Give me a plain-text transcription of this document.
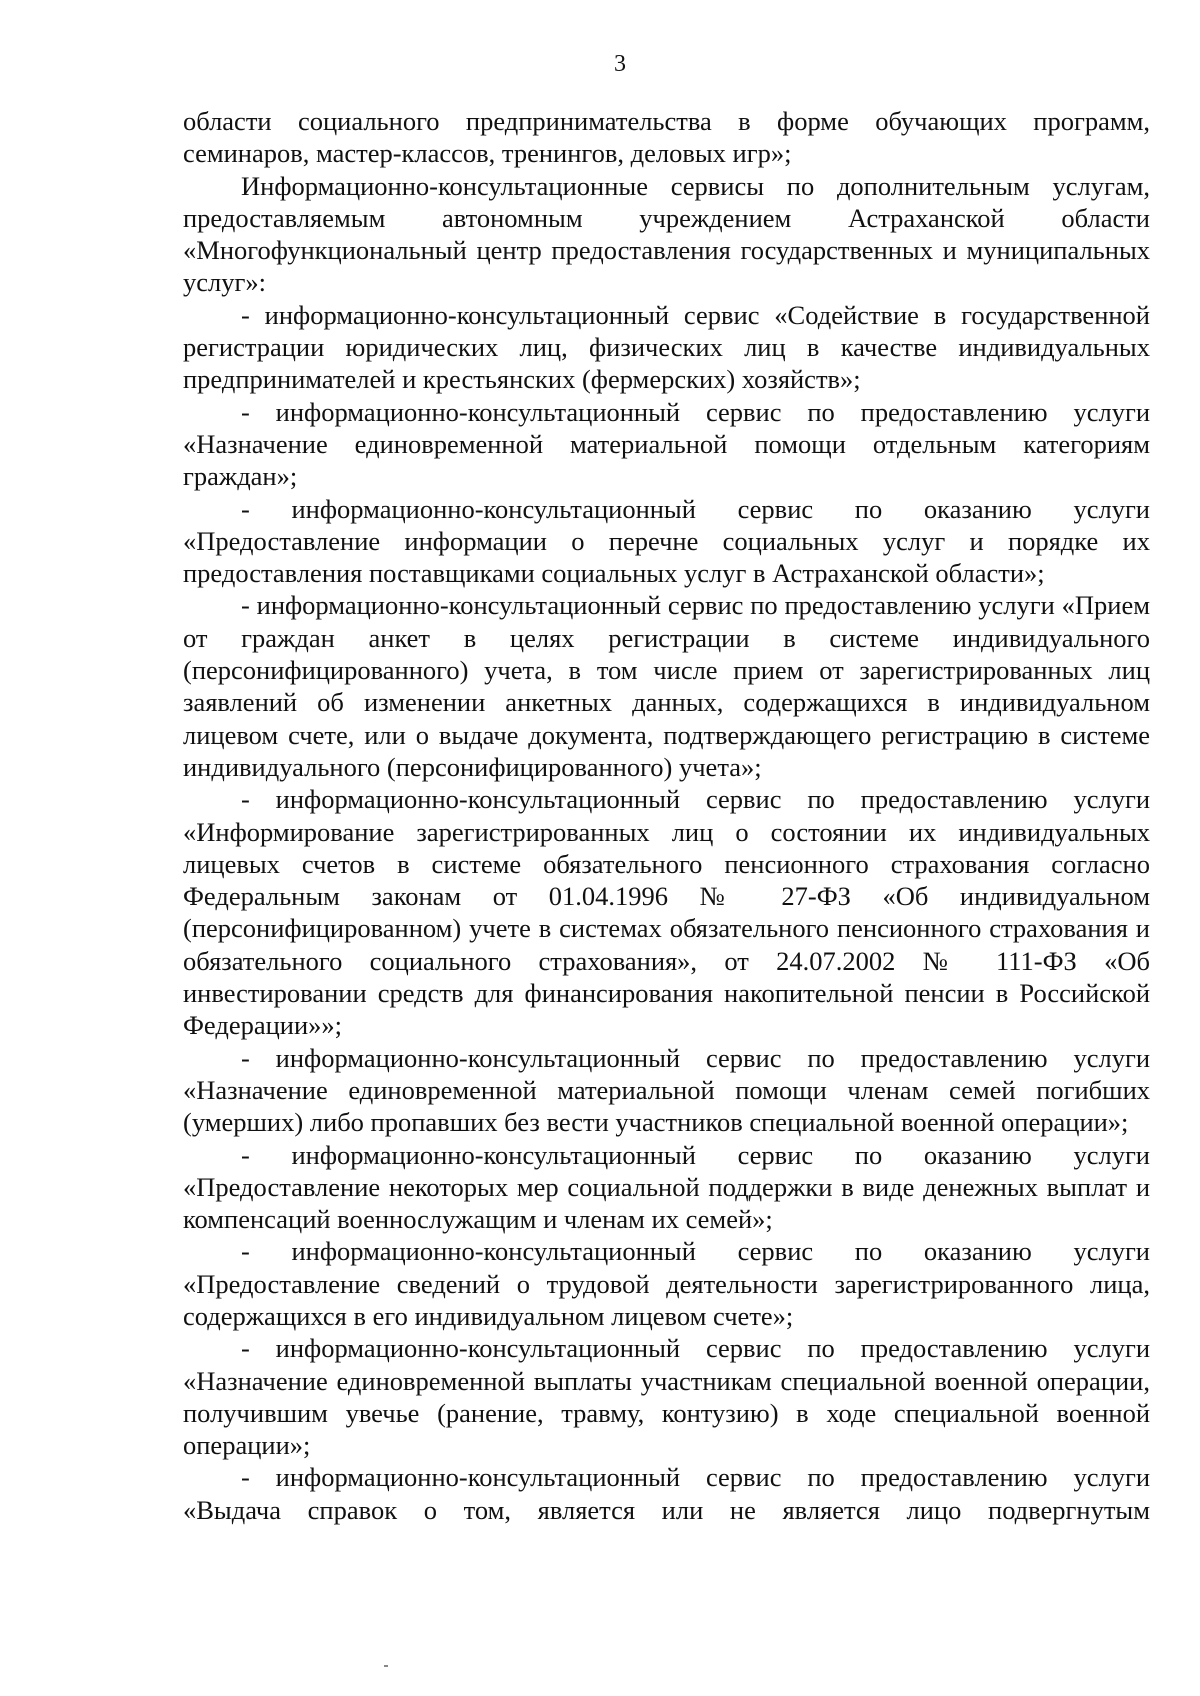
3

области социального предпринимательства в форме обучающих программ, семинаров, мастер-классов, тренингов, деловых игр»;

Информационно-консультационные сервисы по дополнительным услугам, предоставляемым автономным учреждением Астраханской области «Многофункциональный центр предоставления государственных и муниципальных услуг»:

- информационно-консультационный сервис «Содействие в государственной регистрации юридических лиц, физических лиц в качестве индивидуальных предпринимателей и крестьянских (фермерских) хозяйств»;

- информационно-консультационный сервис по предоставлению услуги «Назначение единовременной материальной помощи отдельным категориям граждан»;

- информационно-консультационный сервис по оказанию услуги «Предоставление информации о перечне социальных услуг и порядке их предоставления поставщиками социальных услуг в Астраханской области»;

- информационно-консультационный сервис по предоставлению услуги «Прием от граждан анкет в целях регистрации в системе индивидуального (персонифицированного) учета, в том числе прием от зарегистрированных лиц заявлений об изменении анкетных данных, содержащихся в индивидуальном лицевом счете, или о выдаче документа, подтверждающего регистрацию в системе индивидуального (персонифицированного) учета»;

- информационно-консультационный сервис по предоставлению услуги «Информирование зарегистрированных лиц о состоянии их индивидуальных лицевых счетов в системе обязательного пенсионного страхования согласно Федеральным законам от 01.04.1996 № 27-ФЗ «Об индивидуальном (персонифицированном) учете в системах обязательного пенсионного страхования и обязательного социального страхования», от 24.07.2002 № 111-ФЗ «Об инвестировании средств для финансирования накопительной пенсии в Российской Федерации»»;

- информационно-консультационный сервис по предоставлению услуги «Назначение единовременной материальной помощи членам семей погибших (умерших) либо пропавших без вести участников специальной военной операции»;

- информационно-консультационный сервис по оказанию услуги «Предоставление некоторых мер социальной поддержки в виде денежных выплат и компенсаций военнослужащим и членам их семей»;

- информационно-консультационный сервис по оказанию услуги «Предоставление сведений о трудовой деятельности зарегистрированного лица, содержащихся в его индивидуальном лицевом счете»;

- информационно-консультационный сервис по предоставлению услуги «Назначение единовременной выплаты участникам специальной военной операции, получившим увечье (ранение, травму, контузию) в ходе специальной военной операции»;

- информационно-консультационный сервис по предоставлению услуги «Выдача справок о том, является или не является лицо подвергнутым
